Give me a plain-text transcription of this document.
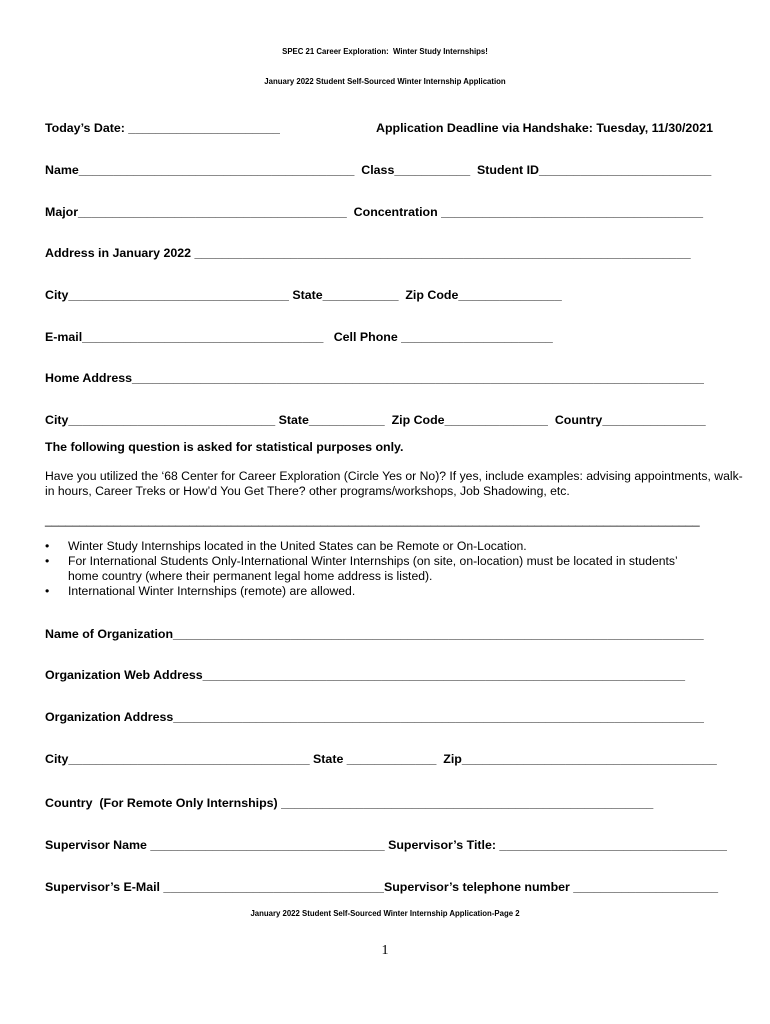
SPEC 21 Career Exploration:  Winter Study Internships!
January 2022 Student Self-Sourced Winter Internship Application
Today’s Date: ______________________	Application Deadline via Handshake: Tuesday, 11/30/2021
Name________________________________________  Class___________  Student ID_________________________
Major_______________________________________  Concentration ______________________________________
Address in January 2022 ________________________________________________________________________
City________________________________ State___________  Zip Code_______________
E-mail___________________________________   Cell Phone ______________________
Home Address___________________________________________________________________________________
City______________________________ State___________  Zip Code_______________  Country_______________
The following question is asked for statistical purposes only.
Have you utilized the ‘68 Center for Career Exploration (Circle Yes or No)? If yes, include examples: advising appointments, walk-in hours, Career Treks or How’d You Get There? other programs/workshops, Job Shadowing, etc.
_______________________________________________________________________________________________
• Winter Study Internships located in the United States can be Remote or On-Location.
• For International Students Only-International Winter Internships (on site, on-location) must be located in students’ home country (where their permanent legal home address is listed).
• International Winter Internships (remote) are allowed.
Name of Organization_____________________________________________________________________________
Organization Web Address______________________________________________________________________
Organization Address_____________________________________________________________________________
City___________________________________ State _____________  Zip_____________________________________
Country  (For Remote Only Internships) ______________________________________________________
Supervisor Name __________________________________ Supervisor’s Title: _________________________________
Supervisor’s E-Mail ________________________________Supervisor’s telephone number _____________________
January 2022 Student Self-Sourced Winter Internship Application-Page 2
1
